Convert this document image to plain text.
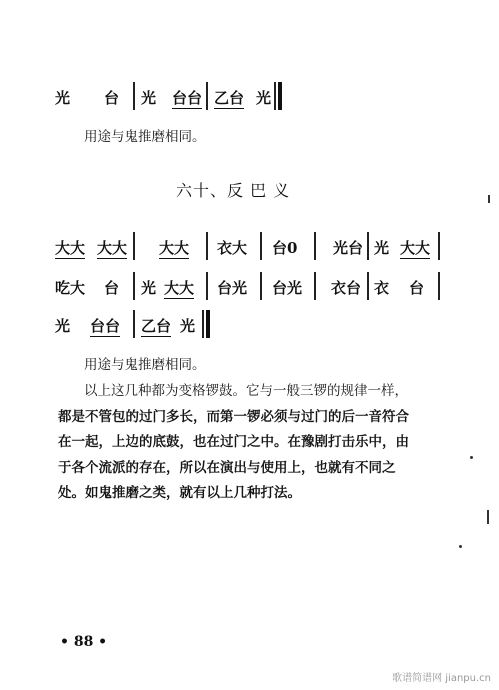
光 台 光 台台 乙台 光
用途与鬼推磨相同。
六十、反 巴 义
大大 大大 大大 衣大 台0 光台 光 大大
吃大 台 光 大大 台光 台光 衣台 衣 台
光 台台 乙台 光
用途与鬼推磨相同。
以上这几种都为变格锣鼓。它与一般三锣的规律一样，
都是不管包的过门多长，而第一锣必须与过门的后一音符合
在一起，上边的底鼓，也在过门之中。在豫剧打击乐中，由
于各个流派的存在，所以在演出与使用上，也就有不同之
处。如鬼推磨之类，就有以上几种打法。
• 88 •
歌谱简谱网 jianpu.cn
